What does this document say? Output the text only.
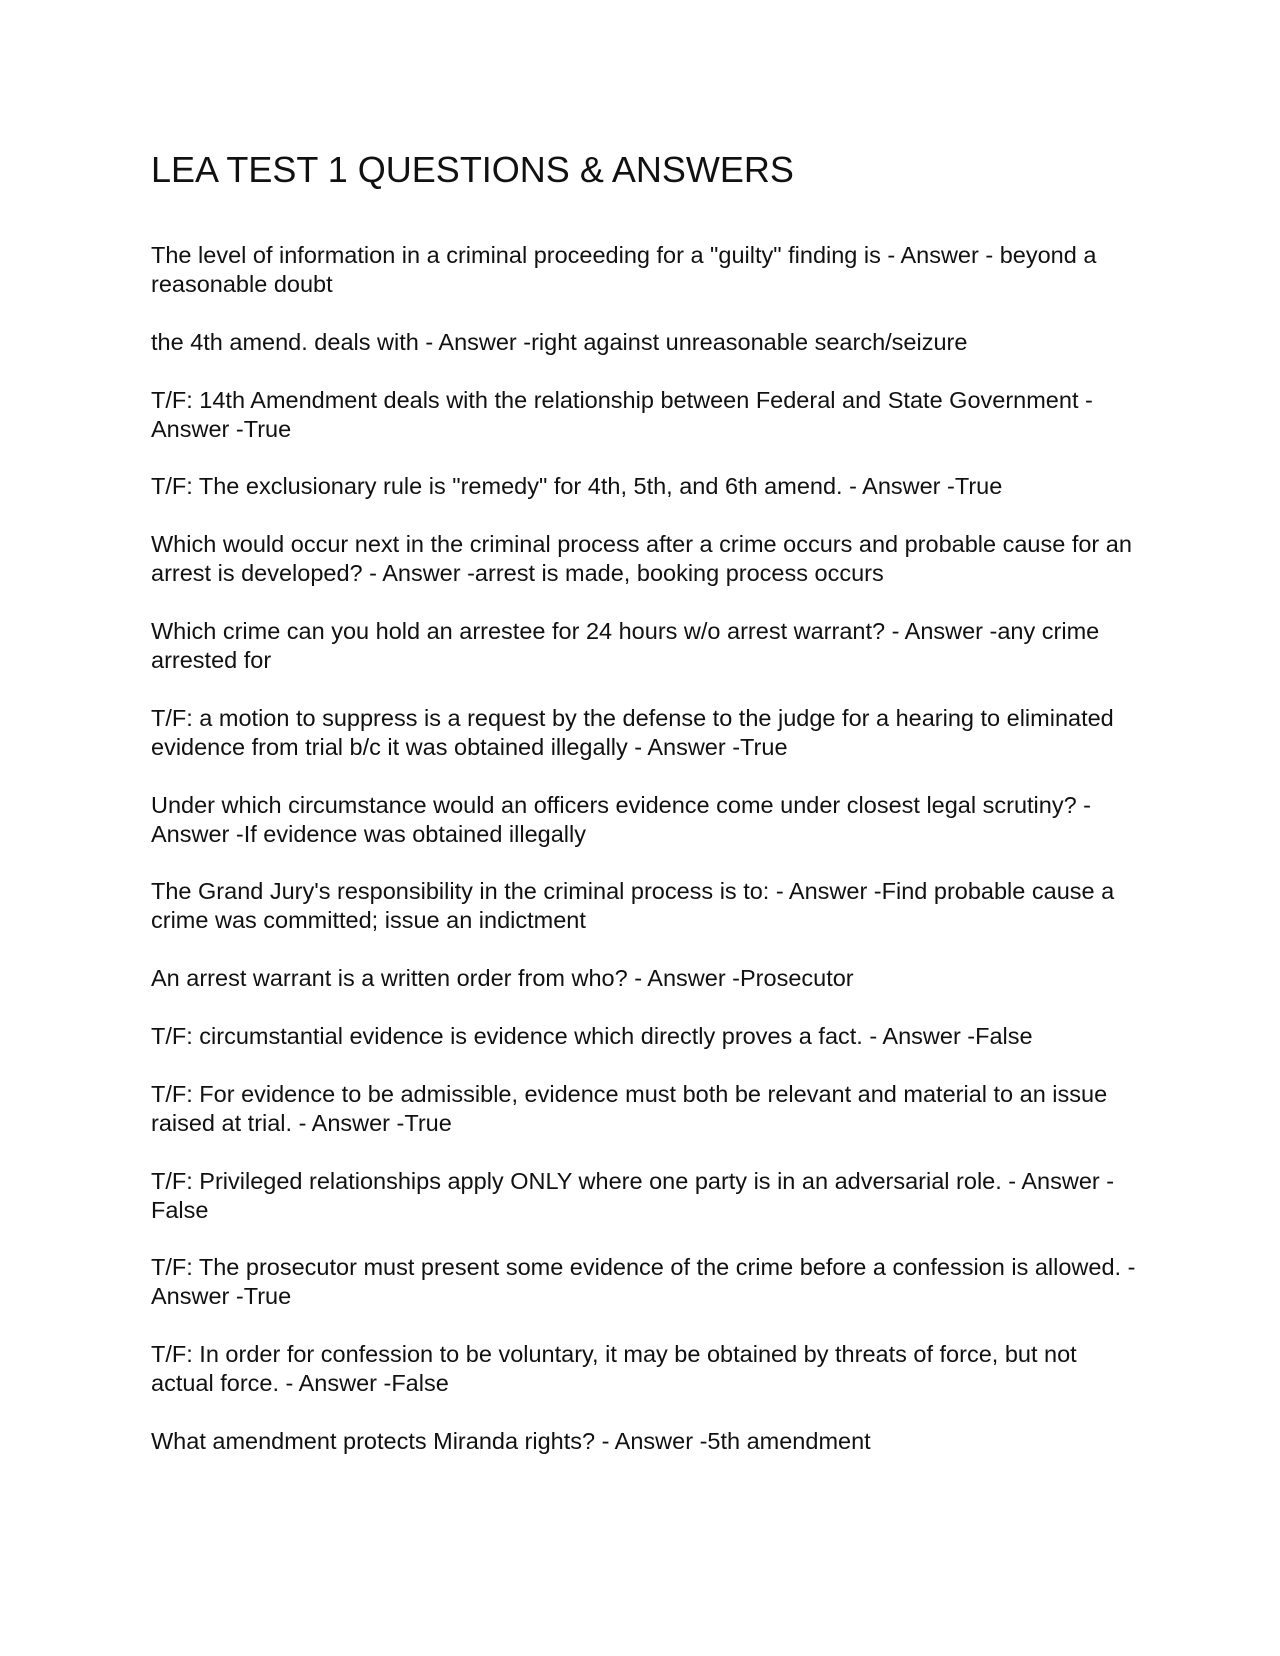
LEA TEST 1 QUESTIONS & ANSWERS

The level of information in a criminal proceeding for a "guilty" finding is - Answer - beyond a reasonable doubt

the 4th amend. deals with - Answer -right against unreasonable search/seizure

T/F: 14th Amendment deals with the relationship between Federal and State Government - Answer -True

T/F: The exclusionary rule is "remedy" for 4th, 5th, and 6th amend. - Answer -True

Which would occur next in the criminal process after a crime occurs and probable cause for an arrest is developed? - Answer -arrest is made, booking process occurs

Which crime can you hold an arrestee for 24 hours w/o arrest warrant? - Answer -any crime arrested for

T/F: a motion to suppress is a request by the defense to the judge for a hearing to eliminated evidence from trial b/c it was obtained illegally - Answer -True

Under which circumstance would an officers evidence come under closest legal scrutiny? - Answer -If evidence was obtained illegally

The Grand Jury's responsibility in the criminal process is to: - Answer -Find probable cause a crime was committed; issue an indictment

An arrest warrant is a written order from who? - Answer -Prosecutor

T/F: circumstantial evidence is evidence which directly proves a fact. - Answer -False

T/F: For evidence to be admissible, evidence must both be relevant and material to an issue raised at trial. - Answer -True

T/F: Privileged relationships apply ONLY where one party is in an adversarial role. - Answer -False

T/F: The prosecutor must present some evidence of the crime before a confession is allowed. - Answer -True

T/F: In order for confession to be voluntary, it may be obtained by threats of force, but not actual force. - Answer -False

What amendment protects Miranda rights? - Answer -5th amendment
